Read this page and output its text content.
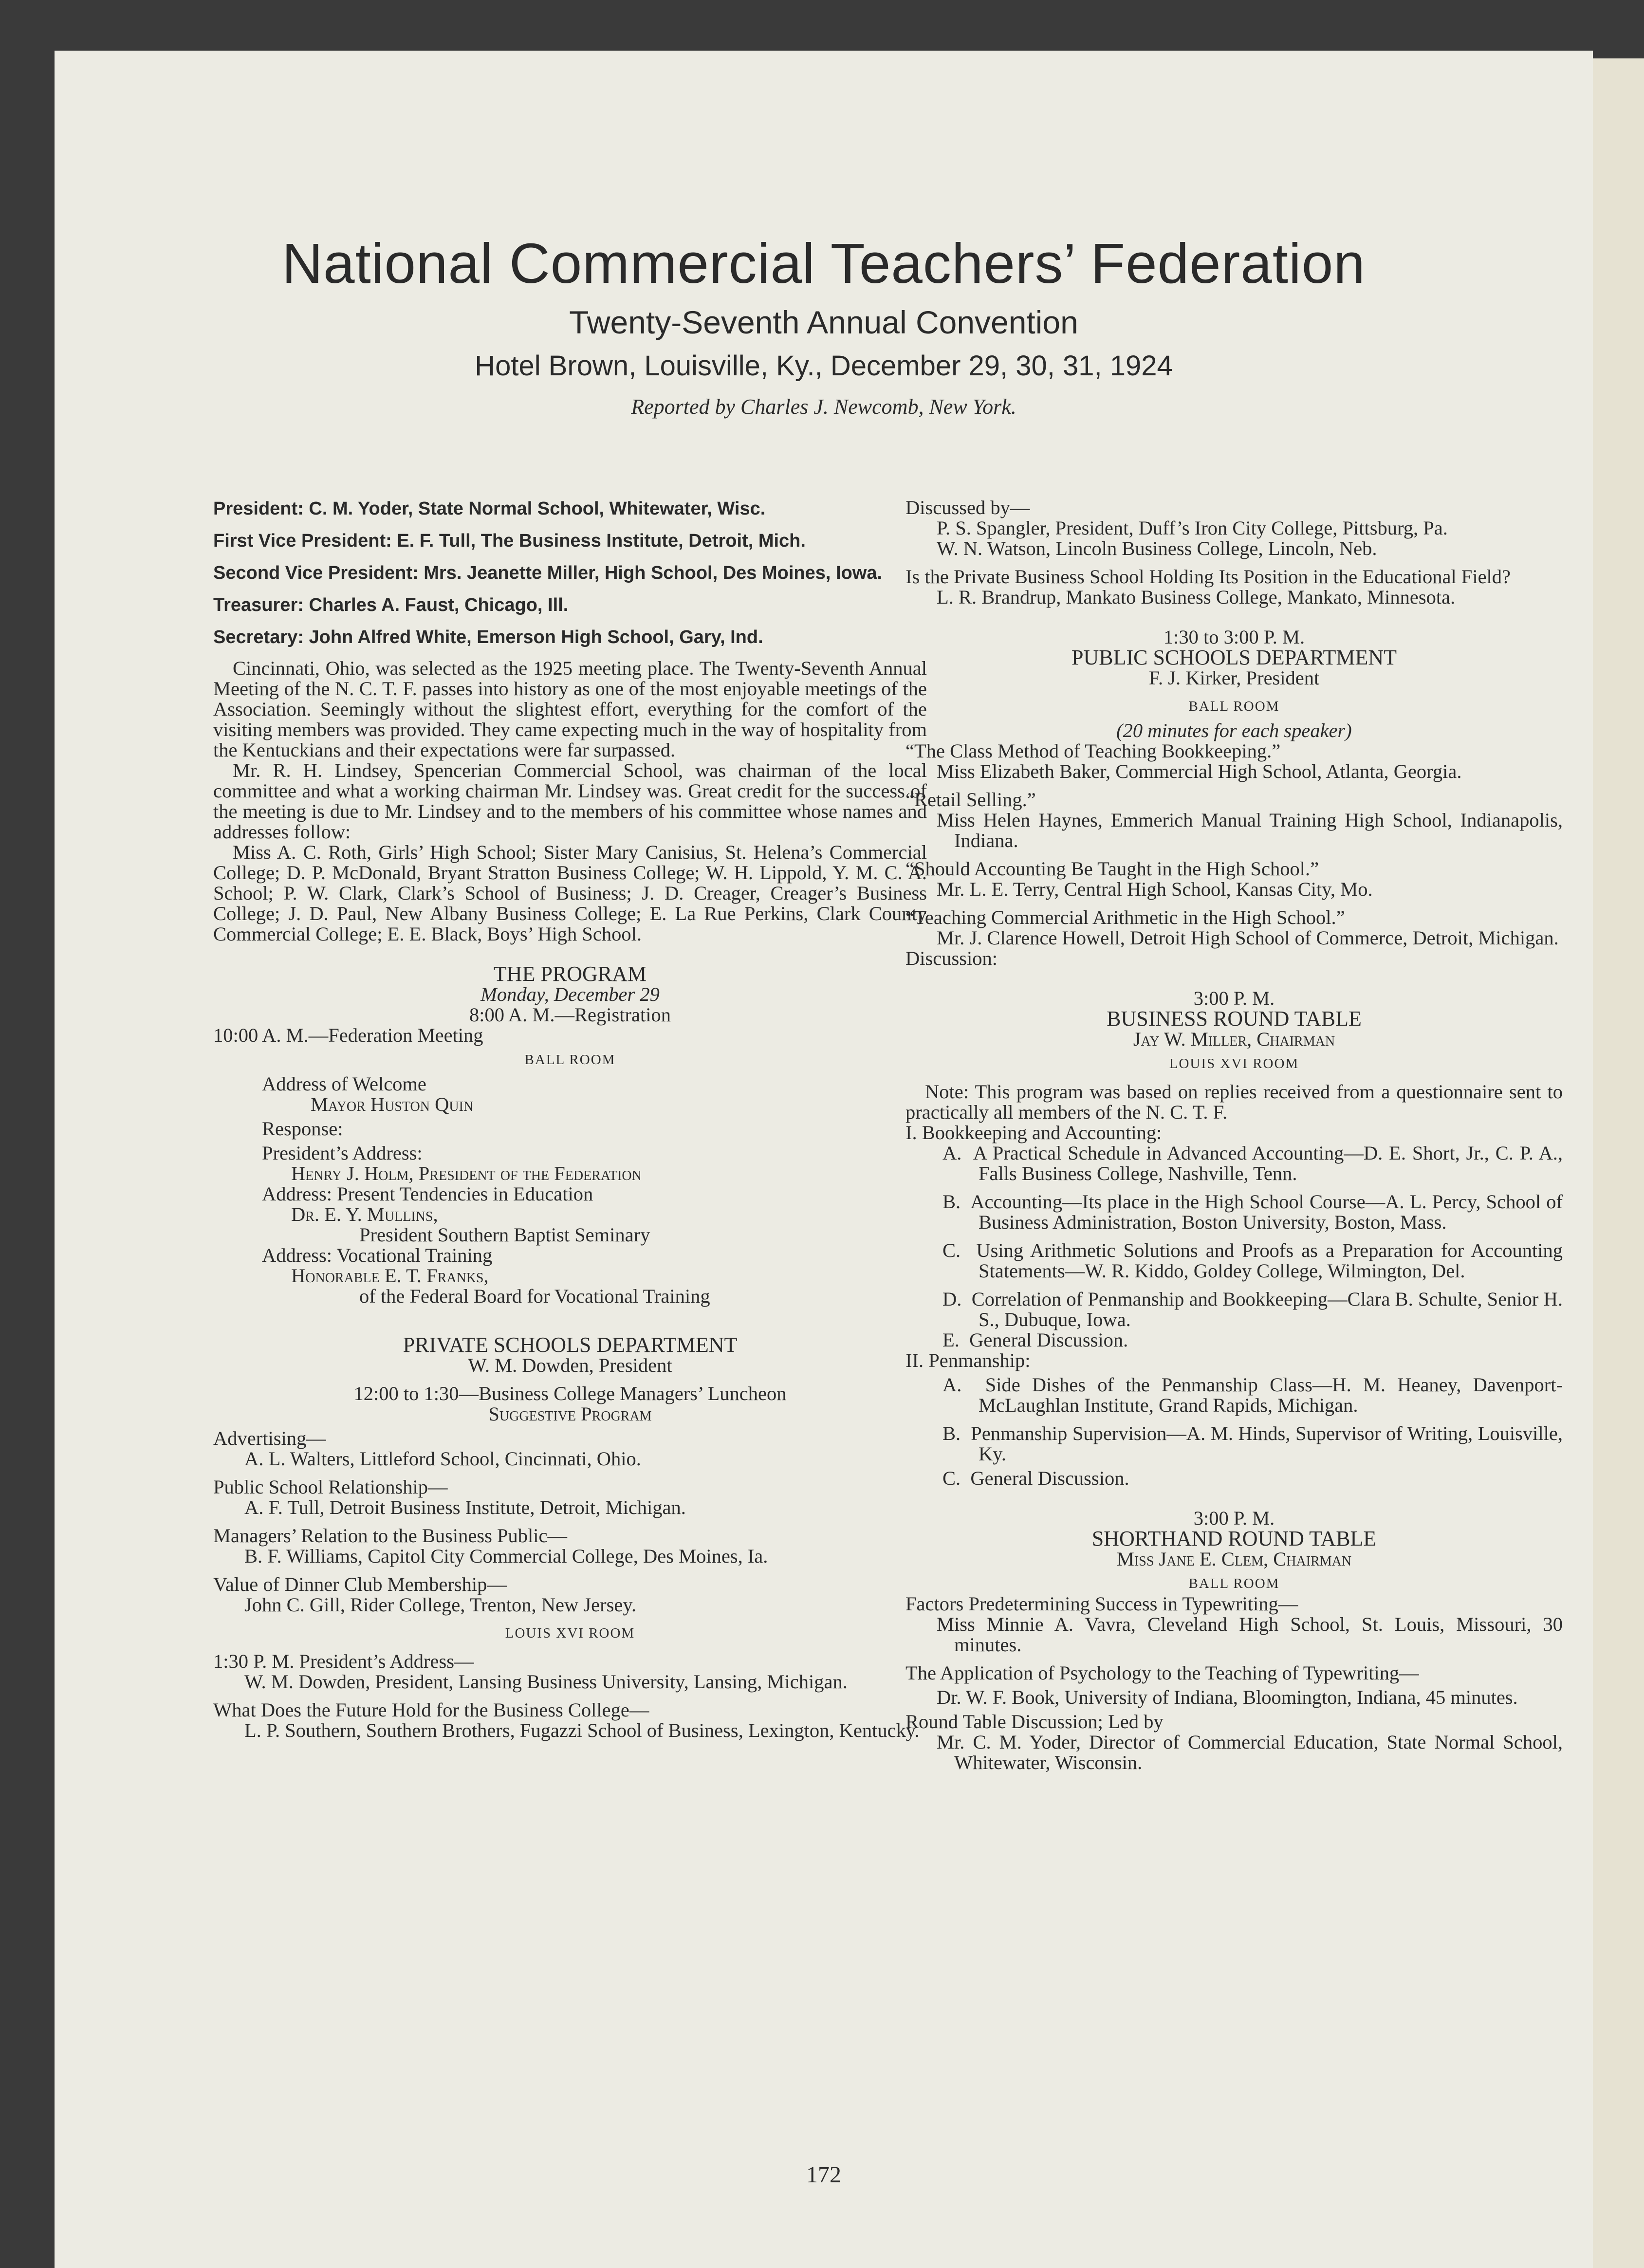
National Commercial Teachers’ Federation
Twenty-Seventh Annual Convention
Hotel Brown, Louisville, Ky., December 29, 30, 31, 1924
Reported by Charles J. Newcomb, New York.
President: C. M. Yoder, State Normal School, Whitewater, Wisc.
First Vice President: E. F. Tull, The Business Institute, Detroit, Mich.
Second Vice President: Mrs. Jeanette Miller, High School, Des Moines, Iowa.
Treasurer: Charles A. Faust, Chicago, Ill.
Secretary: John Alfred White, Emerson High School, Gary, Ind.

Cincinnati, Ohio, was selected as the 1925 meeting place. The Twenty-Seventh Annual Meeting of the N. C. T. F. passes into history as one of the most enjoyable meetings of the Association. Seemingly without the slightest effort, everything for the comfort of the visiting members was provided. They came expecting much in the way of hospitality from the Kentuckians and their expectations were far surpassed.

Mr. R. H. Lindsey, Spencerian Commercial School, was chairman of the local committee and what a working chairman Mr. Lindsey was. Great credit for the success of the meeting is due to Mr. Lindsey and to the members of his committee whose names and addresses follow:

Miss A. C. Roth, Girls’ High School; Sister Mary Canisius, St. Helena’s Commercial College; D. P. McDonald, Bryant Stratton Business College; W. H. Lippold, Y. M. C. A. School; P. W. Clark, Clark’s School of Business; J. D. Creager, Creager’s Business College; J. D. Paul, New Albany Business College; E. La Rue Perkins, Clark County Commercial College; E. E. Black, Boys’ High School.

THE PROGRAM

Monday, December 29

8:00 A. M.—Registration

10:00 A. M.—Federation Meeting

BALL ROOM

Address of Welcome

Mayor Huston Quin

Response:

President’s Address:

Henry J. Holm, President of the Federation

Address: Present Tendencies in Education

Dr. E. Y. Mullins,

President Southern Baptist Seminary

Address: Vocational Training

Honorable E. T. Franks,

of the Federal Board for Vocational Training

PRIVATE SCHOOLS DEPARTMENT

W. M. Dowden, President

12:00 to 1:30—Business College Managers’ Luncheon

Suggestive Program

Advertising—

A. L. Walters, Littleford School, Cincinnati, Ohio.

Public School Relationship—

A. F. Tull, Detroit Business Institute, Detroit, Michigan.

Managers’ Relation to the Business Public—

B. F. Williams, Capitol City Commercial College, Des Moines, Ia.

Value of Dinner Club Membership—

John C. Gill, Rider College, Trenton, New Jersey.

LOUIS XVI ROOM

1:30 P. M. President’s Address—

W. M. Dowden, President, Lansing Business University, Lansing, Michigan.

What Does the Future Hold for the Business College—

L. P. Southern, Southern Brothers, Fugazzi School of Business, Lexington, Kentucky.

Discussed by—

P. S. Spangler, President, Duff’s Iron City College, Pittsburg, Pa.

W. N. Watson, Lincoln Business College, Lincoln, Neb.

Is the Private Business School Holding Its Position in the Educational Field?

L. R. Brandrup, Mankato Business College, Mankato, Minnesota.

1:30 to 3:00 P. M.

PUBLIC SCHOOLS DEPARTMENT

F. J. Kirker, President

BALL ROOM

(20 minutes for each speaker)

“The Class Method of Teaching Bookkeeping.”

Miss Elizabeth Baker, Commercial High School, Atlanta, Georgia.

“Retail Selling.”

Miss Helen Haynes, Emmerich Manual Training High School, Indianapolis, Indiana.

“Should Accounting Be Taught in the High School.”

Mr. L. E. Terry, Central High School, Kansas City, Mo.

“Teaching Commercial Arithmetic in the High School.”

Mr. J. Clarence Howell, Detroit High School of Commerce, Detroit, Michigan.

Discussion:

3:00 P. M.

BUSINESS ROUND TABLE

Jay W. Miller, Chairman

LOUIS XVI ROOM

Note: This program was based on replies received from a questionnaire sent to practically all members of the N. C. T. F.

I. Bookkeeping and Accounting:

A. A Practical Schedule in Advanced Accounting—D. E. Short, Jr., C. P. A., Falls Business College, Nashville, Tenn.

B. Accounting—Its place in the High School Course—A. L. Percy, School of Business Administration, Boston University, Boston, Mass.

C. Using Arithmetic Solutions and Proofs as a Preparation for Accounting Statements—W. R. Kiddo, Goldey College, Wilmington, Del.

D. Correlation of Penmanship and Bookkeeping—Clara B. Schulte, Senior H. S., Dubuque, Iowa.

E. General Discussion.

II. Penmanship:

A. Side Dishes of the Penmanship Class—H. M. Heaney, Davenport-McLaughlan Institute, Grand Rapids, Michigan.

B. Penmanship Supervision—A. M. Hinds, Supervisor of Writing, Louisville, Ky.

C. General Discussion.

3:00 P. M.

SHORTHAND ROUND TABLE

Miss Jane E. Clem, Chairman

BALL ROOM

Factors Predetermining Success in Typewriting—

Miss Minnie A. Vavra, Cleveland High School, St. Louis, Missouri, 30 minutes.

The Application of Psychology to the Teaching of Typewriting—

Dr. W. F. Book, University of Indiana, Bloomington, Indiana, 45 minutes.

Round Table Discussion; Led by

Mr. C. M. Yoder, Director of Commercial Education, State Normal School, Whitewater, Wisconsin.

172
